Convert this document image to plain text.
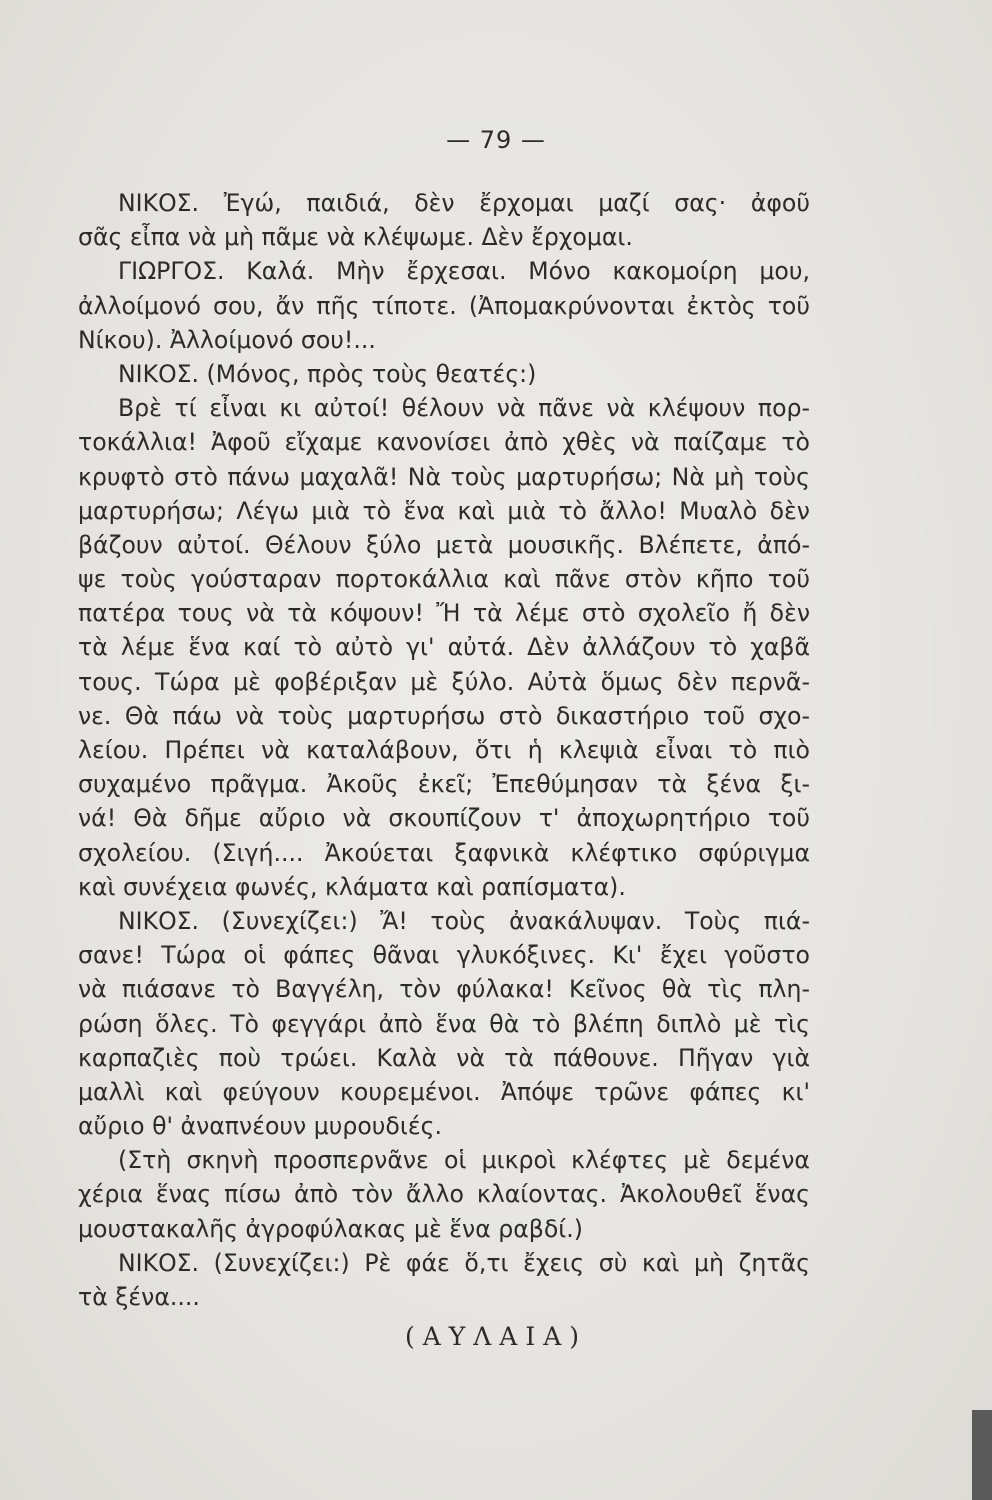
— 79 —
ΝΙΚΟΣ. Ἐγώ, παιδιά, δὲν ἔρχομαι μαζί σας· ἀφοῦ
σᾶς εἶπα νὰ μὴ πᾶμε νὰ κλέψωμε. Δὲν ἔρχομαι.
ΓΙΩΡΓΟΣ. Καλά. Μὴν ἔρχεσαι. Μόνο κακομοίρη μου,
ἀλλοίμονό σου, ἄν πῆς τίποτε. (Ἀπομακρύνονται ἐκτὸς τοῦ
Νίκου). Ἀλλοίμονό σου!...
ΝΙΚΟΣ. (Μόνος, πρὸς τοὺς θεατές:)
Βρὲ τί εἶναι κι αὐτοί! θέλουν νὰ πᾶνε νὰ κλέψουν πορ-
τοκάλλια! Ἀφοῦ εἴχαμε κανονίσει ἀπὸ χθὲς νὰ παίζαμε τὸ
κρυφτὸ στὸ πάνω μαχαλᾶ! Νὰ τοὺς μαρτυρήσω; Νὰ μὴ τοὺς
μαρτυρήσω; Λέγω μιὰ τὸ ἕνα καὶ μιὰ τὸ ἄλλο! Μυαλὸ δὲν
βάζουν αὐτοί. Θέλουν ξύλο μετὰ μουσικῆς. Βλέπετε, ἀπό-
ψε τοὺς γούσταραν πορτοκάλλια καὶ πᾶνε στὸν κῆπο τοῦ
πατέρα τους νὰ τὰ κόψουν! Ἤ τὰ λέμε στὸ σχολεῖο ἤ δὲν
τὰ λέμε ἕνα καί τὸ αὐτὸ γι' αὐτά. Δὲν ἀλλάζουν τὸ χαβᾶ
τους. Τώρα μὲ φοβέριξαν μὲ ξύλο. Αὐτὰ ὅμως δὲν περνᾶ-
νε. Θὰ πάω νὰ τοὺς μαρτυρήσω στὸ δικαστήριο τοῦ σχο-
λείου. Πρέπει νὰ καταλάβουν, ὅτι ἡ κλεψιὰ εἶναι τὸ πιὸ
συχαμένο πρᾶγμα. Ἀκοῦς ἐκεῖ; Ἐπεθύμησαν τὰ ξένα ξι-
νά! Θὰ δῆμε αὔριο νὰ σκουπίζουν τ' ἀποχωρητήριο τοῦ
σχολείου. (Σιγή.... Ἀκούεται ξαφνικὰ κλέφτικο σφύριγμα
καὶ συνέχεια φωνές, κλάματα καὶ ραπίσματα).
ΝΙΚΟΣ. (Συνεχίζει:) Ἄ! τοὺς ἀνακάλυψαν. Τοὺς πιά-
σανε! Τώρα οἱ φάπες θᾶναι γλυκόξινες. Κι' ἔχει γοῦστο
νὰ πιάσανε τὸ Βαγγέλη, τὸν φύλακα! Κεῖνος θὰ τὶς πλη-
ρώση ὅλες. Τὸ φεγγάρι ἀπὸ ἕνα θὰ τὸ βλέπη διπλὸ μὲ τὶς
καρπαζιὲς ποὺ τρώει. Καλὰ νὰ τὰ πάθουνε. Πῆγαν γιὰ
μαλλὶ καὶ φεύγουν κουρεμένοι. Ἀπόψε τρῶνε φάπες κι'
αὔριο θ' ἀναπνέουν μυρουδιές.
(Στὴ σκηνὴ προσπερνᾶνε οἱ μικροὶ κλέφτες μὲ δεμένα
χέρια ἕνας πίσω ἀπὸ τὸν ἄλλο κλαίοντας. Ἀκολουθεῖ ἕνας
μουστακαλῆς ἀγροφύλακας μὲ ἕνα ραβδί.)
ΝΙΚΟΣ. (Συνεχίζει:) Ρὲ φάε ὅ,τι ἔχεις σὺ καὶ μὴ ζητᾶς
τὰ ξένα....
(ΑΥΛΑΙΑ)
